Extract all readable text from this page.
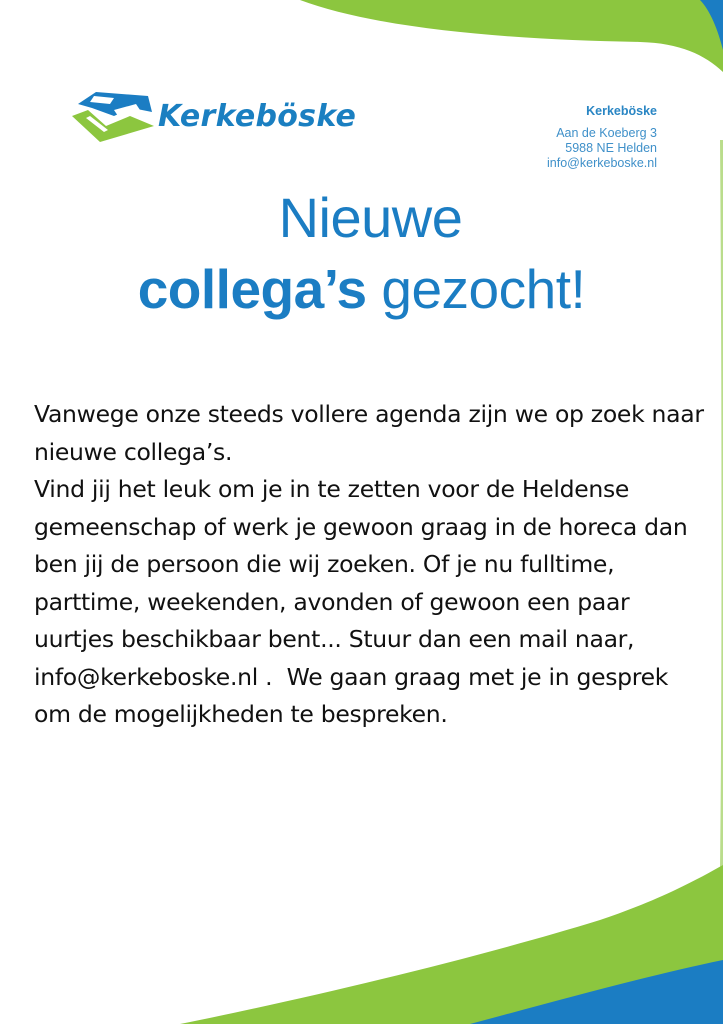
Kerkeböske	Kerkeböske
Aan de Koeberg 3
5988 NE Helden
info@kerkeboske.nl
Nieuwe
collega’s gezocht!

Vanwege onze steeds vollere agenda zijn we op zoek naar nieuwe collega’s.

Vind jij het leuk om je in te zetten voor de Heldense gemeenschap of werk je gewoon graag in de horeca dan ben jij de persoon die wij zoeken. Of je nu fulltime, parttime, weekenden, avonden of gewoon een paar uurtjes beschikbaar bent... Stuur dan een mail naar,

info@kerkeboske.nl .  We gaan graag met je in gesprek om de mogelijkheden te bespreken.
